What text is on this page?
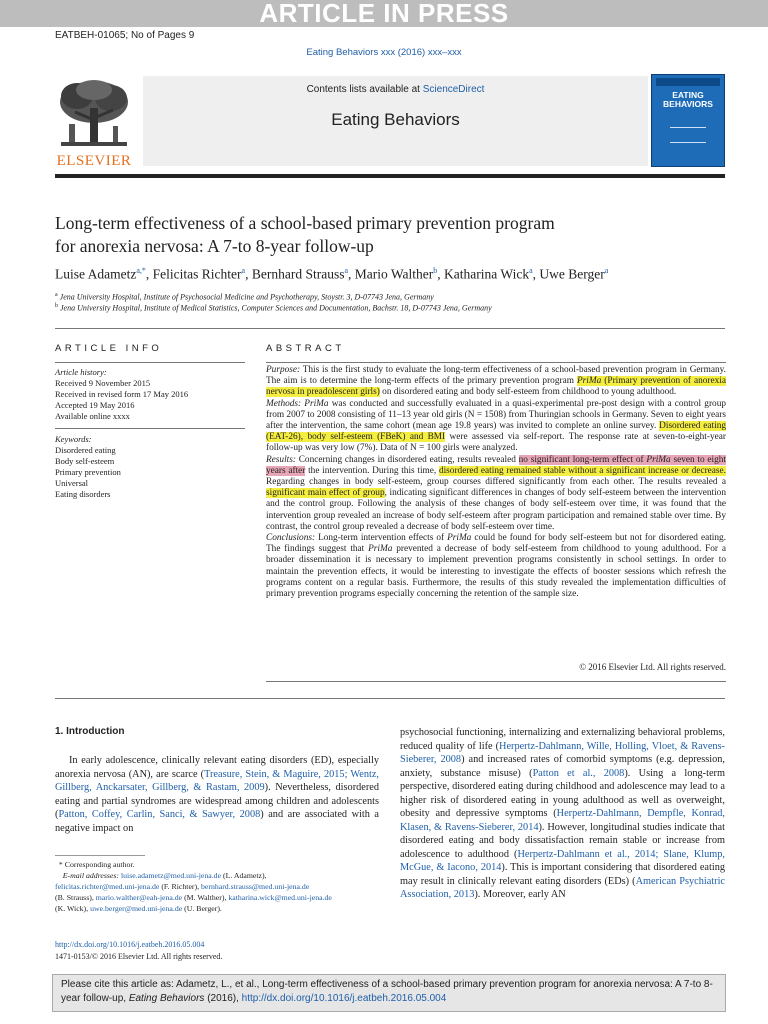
ARTICLE IN PRESS
EATBEH-01065; No of Pages 9
Eating Behaviors xxx (2016) xxx–xxx
ELSEVIER
Contents lists available at ScienceDirect
Eating Behaviors
EATING
BEHAVIORS
Long-term effectiveness of a school-based primary prevention program
for anorexia nervosa: A 7-to 8-year follow-up
Luise Adametz$^{a,*}$, Felicitas Richter$^a$, Bernhard Strauss$^a$, Mario Walther$^b$, Katharina Wick$^a$, Uwe Berger$^a$
$^a$ Jena University Hospital, Institute of Psychosocial Medicine and Psychotherapy, Stoystr. 3, D-07743 Jena, Germany
$^b$ Jena University Hospital, Institute of Medical Statistics, Computer Sciences and Documentation, Bachstr. 18, D-07743 Jena, Germany
ARTICLE INFO	ABSTRACT
Article history:
Received 9 November 2015
Received in revised form 17 May 2016
Accepted 19 May 2016
Available online xxxx
Keywords:
Disordered eating
Body self-esteem
Primary prevention
Universal
Eating disorders

Purpose: This is the first study to evaluate the long-term effectiveness of a school-based prevention program in Germany. The aim is to determine the long-term effects of the primary prevention program PriMa (Primary prevention of anorexia nervosa in preadolescent girls) on disordered eating and body self-esteem from childhood to young adulthood.

Methods: PriMa was conducted and successfully evaluated in a quasi-experimental pre-post design with a control group from 2007 to 2008 consisting of 11–13 year old girls (N = 1508) from Thuringian schools in Germany. Seven to eight years after the intervention, the same cohort (mean age 19.8 years) was invited to complete an online survey. Disordered eating (EAT-26), body self-esteem (FBeK) and BMI were assessed via self-report. The response rate at seven-to-eight-year follow-up was very low (7%). Data of N = 100 girls were analyzed.

Results: Concerning changes in disordered eating, results revealed no significant long-term effect of PriMa seven to eight years after the intervention. During this time, disordered eating remained stable without a significant increase or decrease. Regarding changes in body self-esteem, group courses differed significantly from each other. The results revealed a significant main effect of group, indicating significant differences in changes of body self-esteem between the intervention and the control group. Following the analysis of these changes of body self-esteem over time, it was found that the intervention group revealed an increase of body self-esteem after program participation and remained stable over time. By contrast, the control group revealed a decrease of body self-esteem over time.

Conclusions: Long-term intervention effects of PriMa could be found for body self-esteem but not for disordered eating. The findings suggest that PriMa prevented a decrease of body self-esteem from childhood to young adulthood. For a broader dissemination it is necessary to implement prevention programs consistently in school settings. In order to maintain the prevention effects, it would be interesting to investigate the effects of booster sessions which refresh the programs content on a regular basis. Furthermore, the results of this study revealed the implementation difficulties of primary prevention programs especially concerning the retention of the sample size.

© 2016 Elsevier Ltd. All rights reserved.
1. Introduction

In early adolescence, clinically relevant eating disorders (ED), especially anorexia nervosa (AN), are scarce (Treasure, Stein, & Maguire, 2015; Wentz, Gillberg, Anckarsater, Gillberg, & Rastam, 2009). Nevertheless, disordered eating and partial syndromes are widespread among children and adolescents (Patton, Coffey, Carlin, Sanci, & Sawyer, 2008) and are associated with a negative impact on

psychosocial functioning, internalizing and externalizing behavioral problems, reduced quality of life (Herpertz-Dahlmann, Wille, Holling, Vloet, & Ravens-Sieberer, 2008) and increased rates of comorbid symptoms (e.g. depression, anxiety, substance misuse) (Patton et al., 2008). Using a long-term perspective, disordered eating during childhood and adolescence may lead to a higher risk of disordered eating in young adulthood as well as overweight, obesity and depressive symptoms (Herpertz-Dahlmann, Dempfle, Konrad, Klasen, & Ravens-Sieberer, 2014). However, longitudinal studies indicate that disordered eating and body dissatisfaction remain stable or increase from adolescence to adulthood (Herpertz-Dahlmann et al., 2014; Slane, Klump, McGue, & Iacono, 2014). This is important considering that disordered eating may result in clinically relevant eating disorders (EDs) (American Psychiatric Association, 2013). Moreover, early AN

* Corresponding author.
E-mail addresses: luise.adametz@med.uni-jena.de (L. Adametz),
felicitas.richter@med.uni-jena.de (F. Richter), bernhard.strauss@med.uni-jena.de
(B. Strauss), mario.walther@eah-jena.de (M. Walther), katharina.wick@med.uni-jena.de
(K. Wick), uwe.berger@med.uni-jena.de (U. Berger).
http://dx.doi.org/10.1016/j.eatbeh.2016.05.004
1471-0153/© 2016 Elsevier Ltd. All rights reserved.
Please cite this article as: Adametz, L., et al., Long-term effectiveness of a school-based primary prevention program for anorexia nervosa: A 7-to 8-year follow-up, Eating Behaviors (2016), http://dx.doi.org/10.1016/j.eatbeh.2016.05.004
